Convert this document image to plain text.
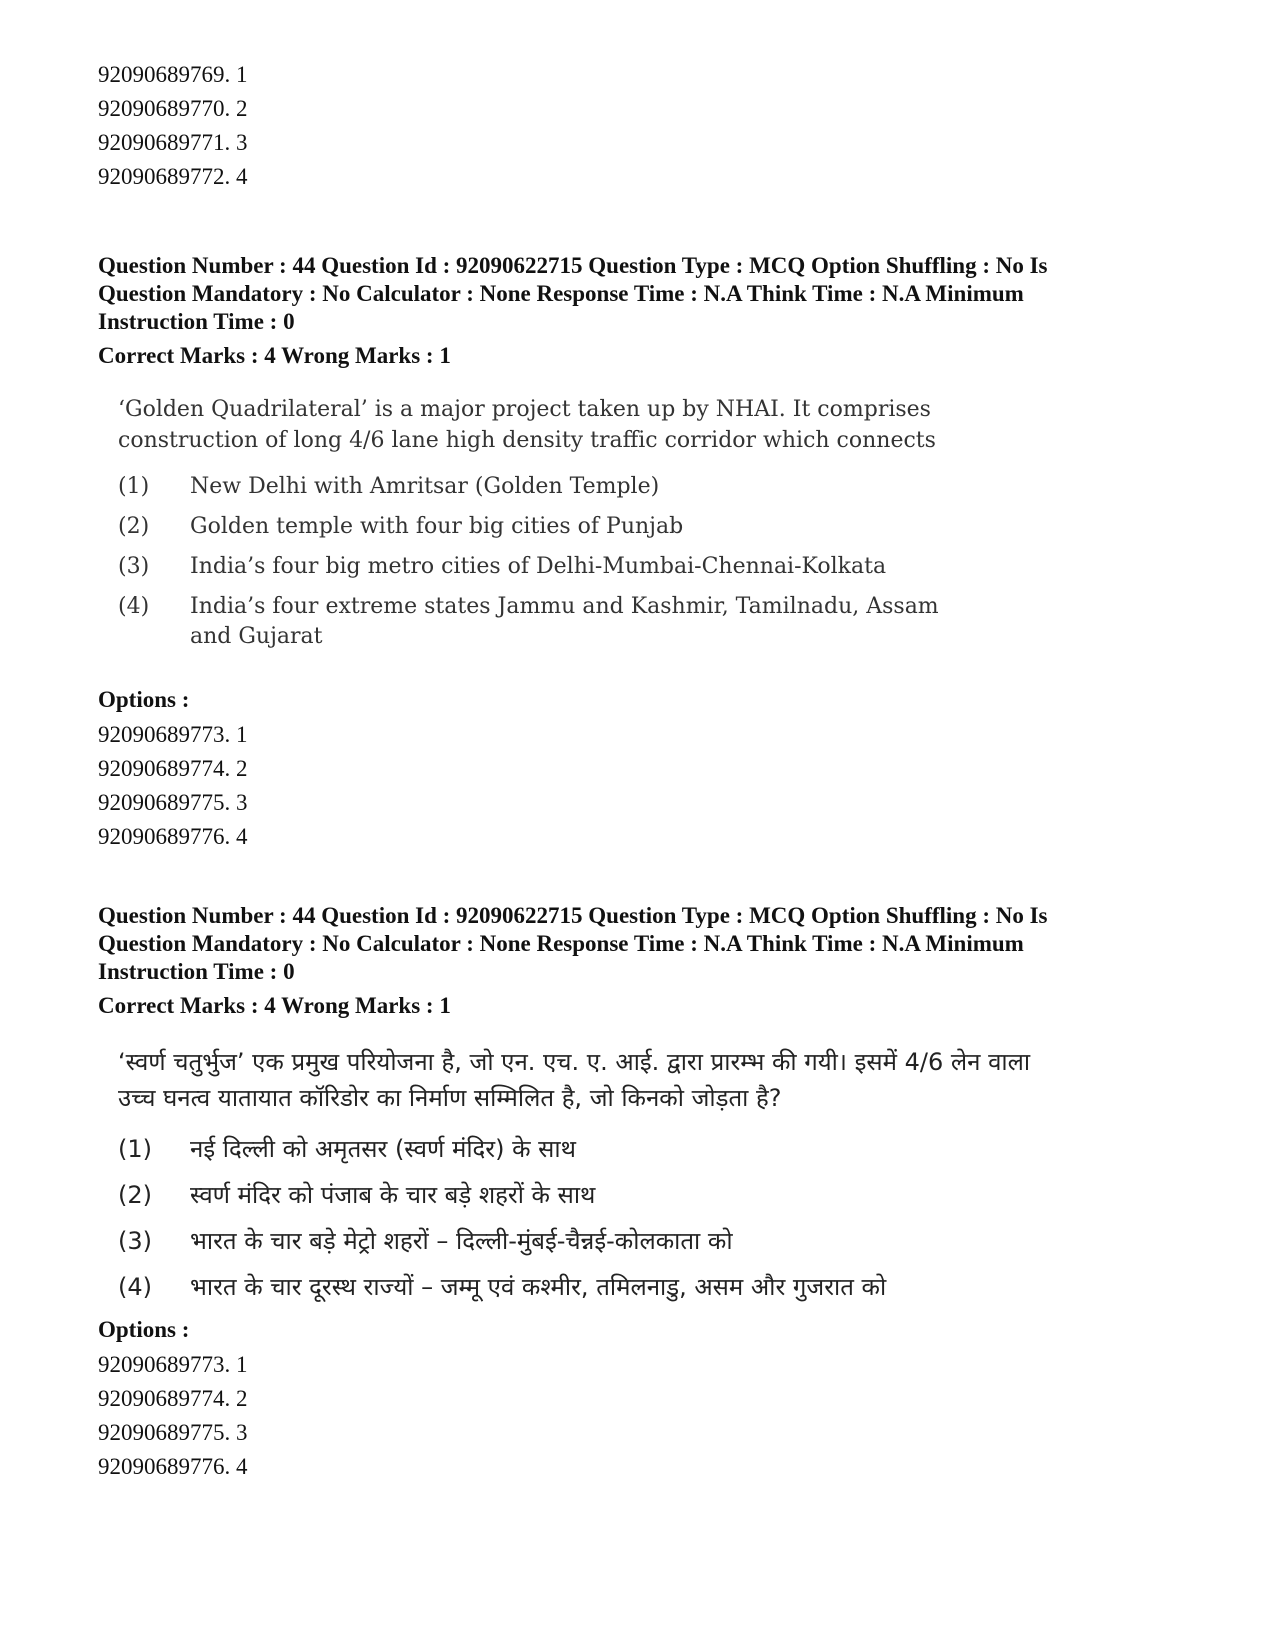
92090689769. 1

92090689770. 2

92090689771. 3

92090689772. 4

Question Number : 44 Question Id : 92090622715 Question Type : MCQ Option Shuffling : No Is

Question Mandatory : No Calculator : None Response Time : N.A Think Time : N.A Minimum

Instruction Time : 0

Correct Marks : 4 Wrong Marks : 1

‘Golden Quadrilateral’ is a major project taken up by NHAI. It comprises

construction of long 4/6 lane high density traffic corridor which connects

(1)	New Delhi with Amritsar (Golden Temple)
(2)	Golden temple with four big cities of Punjab
(3)	India’s four big metro cities of Delhi-Mumbai-Chennai-Kolkata
(4)	India’s four extreme states Jammu and Kashmir, Tamilnadu, Assam and Gujarat

Options :

92090689773. 1

92090689774. 2

92090689775. 3

92090689776. 4

Question Number : 44 Question Id : 92090622715 Question Type : MCQ Option Shuffling : No Is

Question Mandatory : No Calculator : None Response Time : N.A Think Time : N.A Minimum

Instruction Time : 0

Correct Marks : 4 Wrong Marks : 1

‘स्वर्ण चतुर्भुज’ एक प्रमुख परियोजना है, जो एन. एच. ए. आई. द्वारा प्रारम्भ की गयी। इसमें 4/6 लेन वाला

उच्च घनत्व यातायात कॉरिडोर का निर्माण सम्मिलित है, जो किनको जोड़ता है?

(1)	नई दिल्ली को अमृतसर (स्वर्ण मंदिर) के साथ
(2)	स्वर्ण मंदिर को पंजाब के चार बड़े शहरों के साथ
(3)	भारत के चार बड़े मेट्रो शहरों – दिल्ली-मुंबई-चैन्नई-कोलकाता को
(4)	भारत के चार दूरस्थ राज्यों – जम्मू एवं कश्मीर, तमिलनाडु, असम और गुजरात को

Options :

92090689773. 1

92090689774. 2

92090689775. 3

92090689776. 4
